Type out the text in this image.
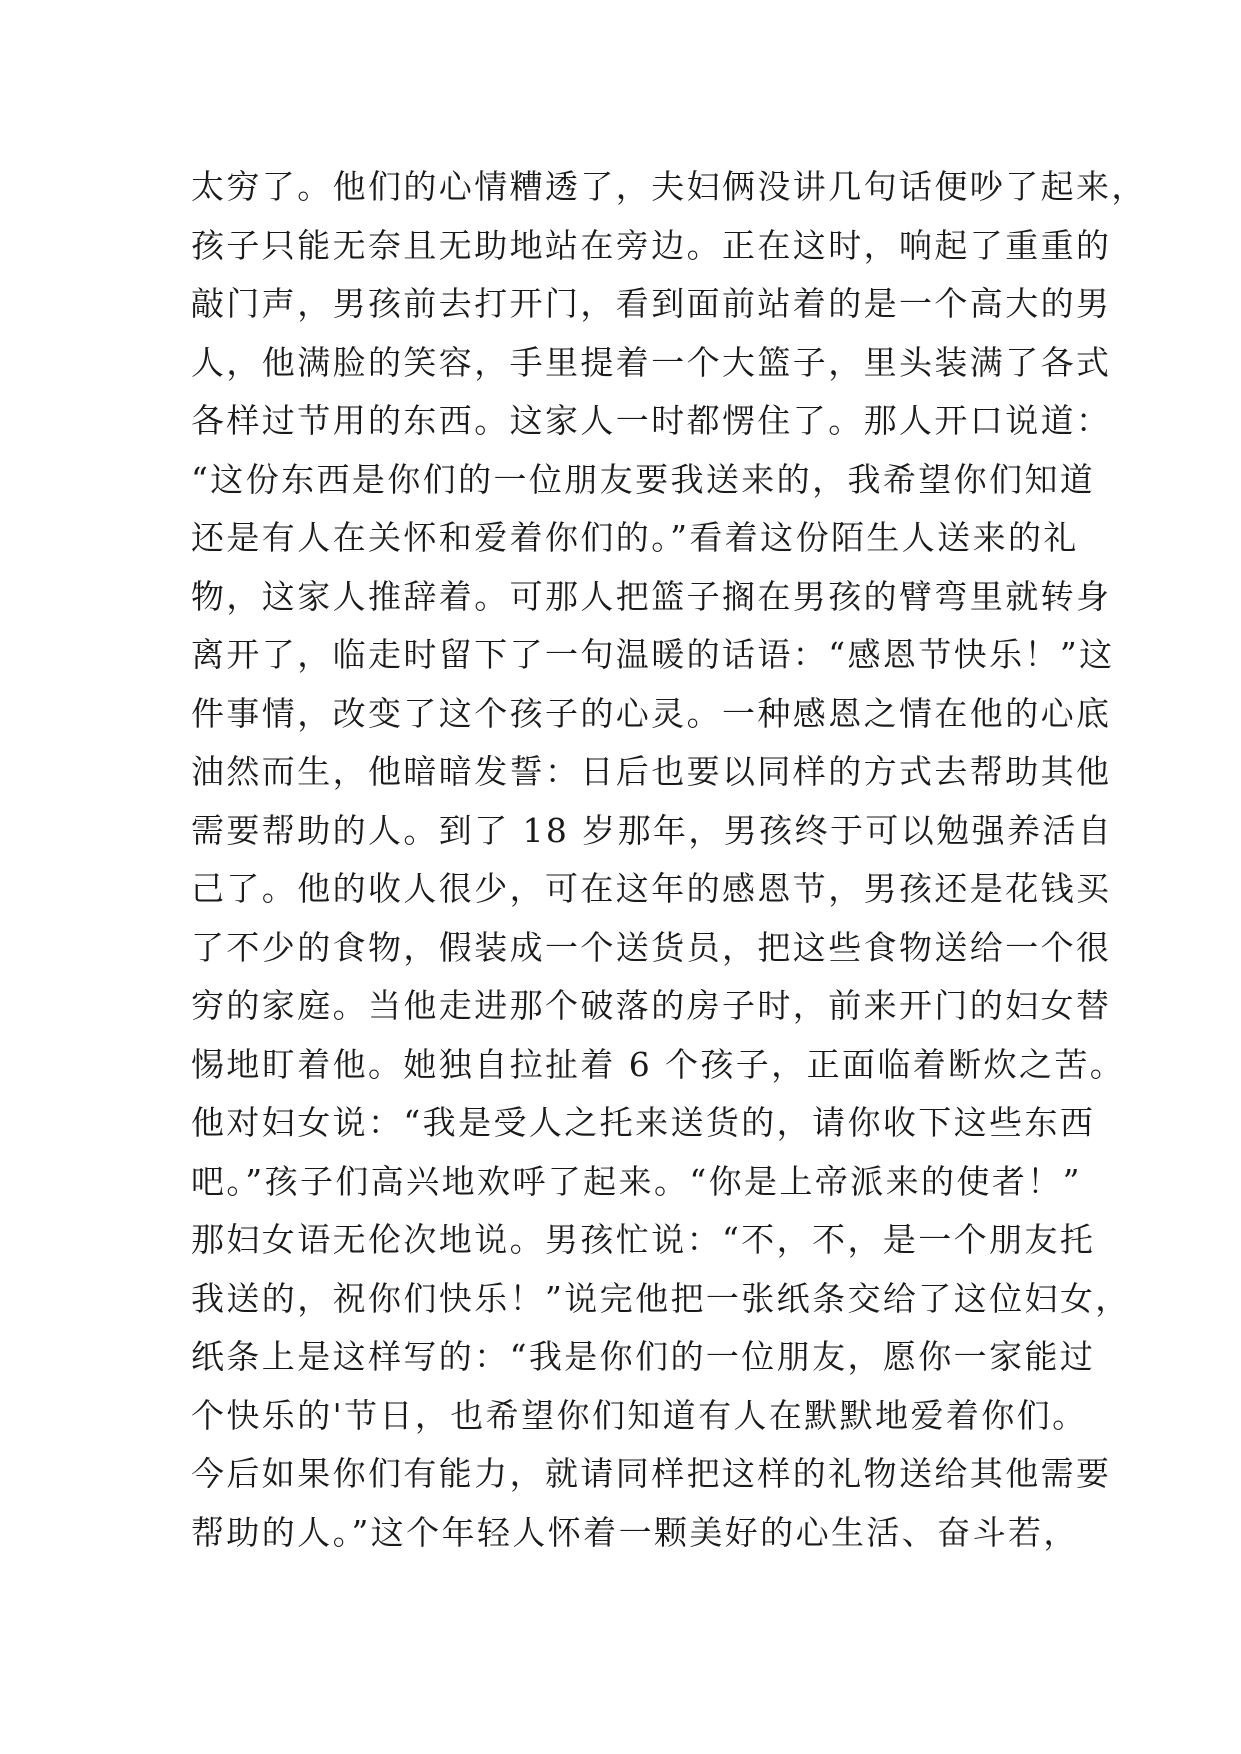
太穷了。他们的心情糟透了，夫妇俩没讲几句话便吵了起来，
孩子只能无奈且无助地站在旁边。正在这时，响起了重重的
敲门声，男孩前去打开门，看到面前站着的是一个高大的男
人，他满脸的笑容，手里提着一个大篮子，里头装满了各式
各样过节用的东西。这家人一时都愣住了。那人开口说道：
“这份东西是你们的一位朋友要我送来的，我希望你们知道
还是有人在关怀和爱着你们的。”看着这份陌生人送来的礼
物，这家人推辞着。可那人把篮子搁在男孩的臂弯里就转身
离开了，临走时留下了一句温暖的话语：“感恩节快乐！”这
件事情，改变了这个孩子的心灵。一种感恩之情在他的心底
油然而生，他暗暗发誓：日后也要以同样的方式去帮助其他
需要帮助的人。到了 18 岁那年，男孩终于可以勉强养活自
己了。他的收人很少，可在这年的感恩节，男孩还是花钱买
了不少的食物，假装成一个送货员，把这些食物送给一个很
穷的家庭。当他走进那个破落的房子时，前来开门的妇女替
惕地盯着他。她独自拉扯着 6 个孩子，正面临着断炊之苦。
他对妇女说：“我是受人之托来送货的，请你收下这些东西
吧。”孩子们高兴地欢呼了起来。“你是上帝派来的使者！”
那妇女语无伦次地说。男孩忙说：“不，不，是一个朋友托
我送的，祝你们快乐！”说完他把一张纸条交给了这位妇女，
纸条上是这样写的：“我是你们的一位朋友，愿你一家能过
个快乐的'节日，也希望你们知道有人在默默地爱着你们。
今后如果你们有能力，就请同样把这样的礼物送给其他需要
帮助的人。”这个年轻人怀着一颗美好的心生活、奋斗若，
